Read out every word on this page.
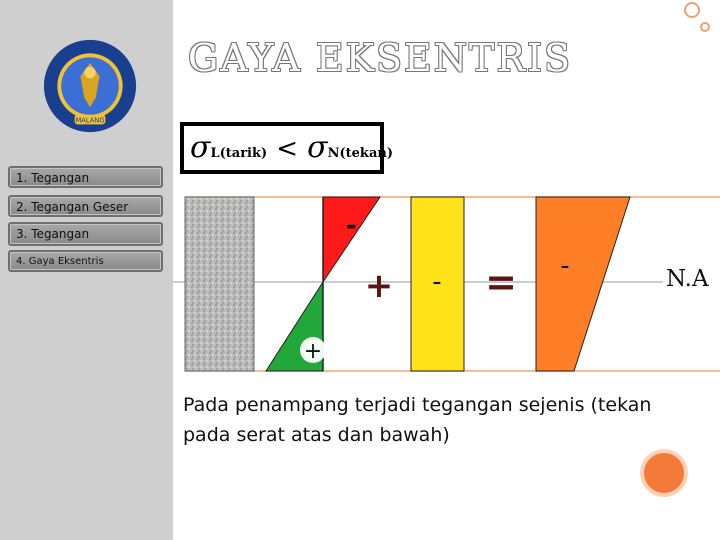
MALANG
1. Tegangan
2. Tegangan Geser
3. Tegangan
4. Gaya Eksentris
GAYA EKSENTRIS
σL(tarik) < σN(tekan)
-
+
+ - = -	N.A
Pada penampang terjadi tegangan sejenis (tekan pada serat atas dan bawah)
